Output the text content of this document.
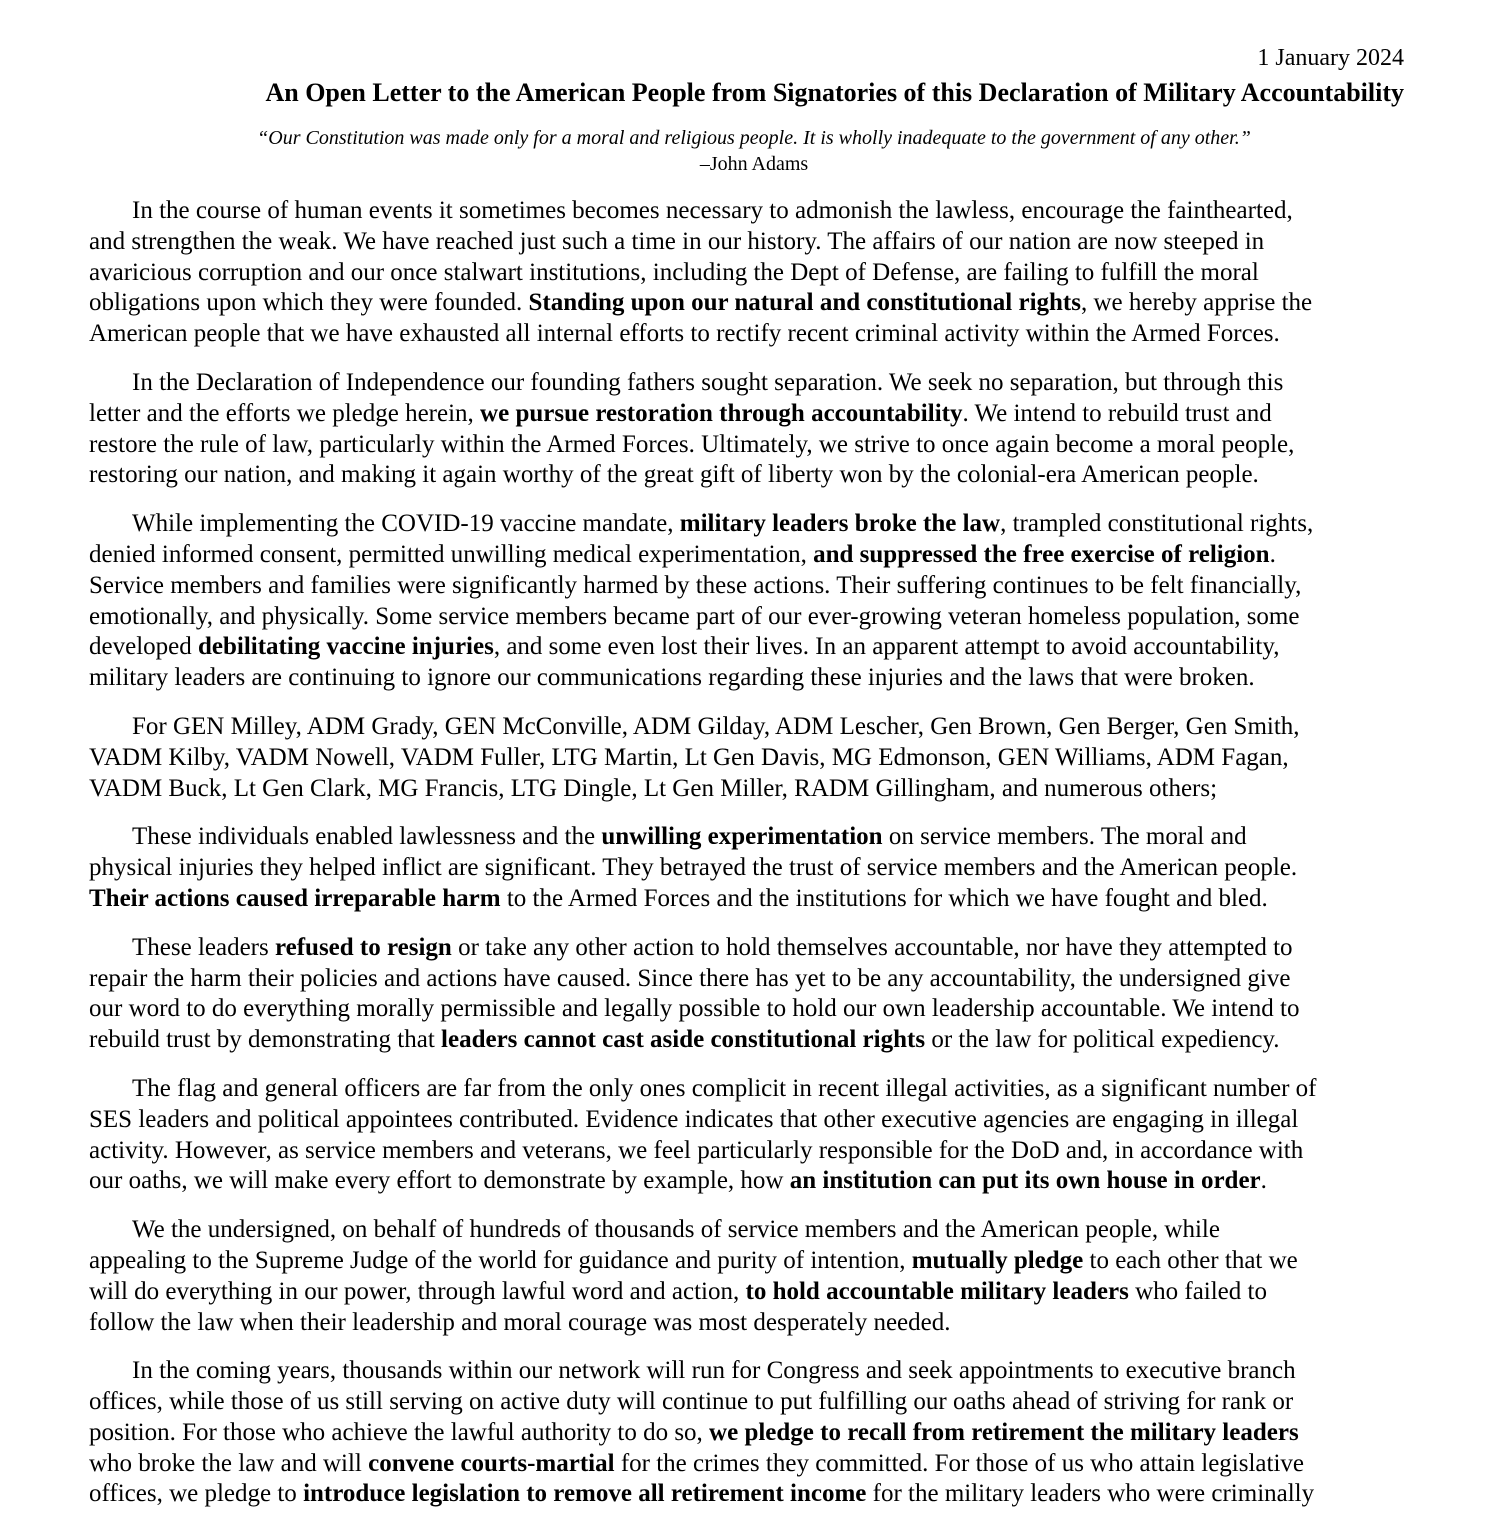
1 January 2024
An Open Letter to the American People from Signatories of this Declaration of Military Accountability
“Our Constitution was made only for a moral and religious people. It is wholly inadequate to the government of any other.”
–John Adams

In the course of human events it sometimes becomes necessary to admonish the lawless, encourage the fainthearted,
and strengthen the weak. We have reached just such a time in our history. The affairs of our nation are now steeped in
avaricious corruption and our once stalwart institutions, including the Dept of Defense, are failing to fulfill the moral
obligations upon which they were founded. Standing upon our natural and constitutional rights, we hereby apprise the
American people that we have exhausted all internal efforts to rectify recent criminal activity within the Armed Forces.

In the Declaration of Independence our founding fathers sought separation. We seek no separation, but through this
letter and the efforts we pledge herein, we pursue restoration through accountability. We intend to rebuild trust and
restore the rule of law, particularly within the Armed Forces. Ultimately, we strive to once again become a moral people,
restoring our nation, and making it again worthy of the great gift of liberty won by the colonial-era American people.

While implementing the COVID-19 vaccine mandate, military leaders broke the law, trampled constitutional rights,
denied informed consent, permitted unwilling medical experimentation, and suppressed the free exercise of religion.
Service members and families were significantly harmed by these actions. Their suffering continues to be felt financially,
emotionally, and physically. Some service members became part of our ever-growing veteran homeless population, some
developed debilitating vaccine injuries, and some even lost their lives. In an apparent attempt to avoid accountability,
military leaders are continuing to ignore our communications regarding these injuries and the laws that were broken.

For GEN Milley, ADM Grady, GEN McConville, ADM Gilday, ADM Lescher, Gen Brown, Gen Berger, Gen Smith,
VADM Kilby, VADM Nowell, VADM Fuller, LTG Martin, Lt Gen Davis, MG Edmonson, GEN Williams, ADM Fagan,
VADM Buck, Lt Gen Clark, MG Francis, LTG Dingle, Lt Gen Miller, RADM Gillingham, and numerous others;

These individuals enabled lawlessness and the unwilling experimentation on service members. The moral and
physical injuries they helped inflict are significant. They betrayed the trust of service members and the American people.
Their actions caused irreparable harm to the Armed Forces and the institutions for which we have fought and bled.

These leaders refused to resign or take any other action to hold themselves accountable, nor have they attempted to
repair the harm their policies and actions have caused. Since there has yet to be any accountability, the undersigned give
our word to do everything morally permissible and legally possible to hold our own leadership accountable. We intend to
rebuild trust by demonstrating that leaders cannot cast aside constitutional rights or the law for political expediency.

The flag and general officers are far from the only ones complicit in recent illegal activities, as a significant number of
SES leaders and political appointees contributed. Evidence indicates that other executive agencies are engaging in illegal
activity. However, as service members and veterans, we feel particularly responsible for the DoD and, in accordance with
our oaths, we will make every effort to demonstrate by example, how an institution can put its own house in order.

We the undersigned, on behalf of hundreds of thousands of service members and the American people, while
appealing to the Supreme Judge of the world for guidance and purity of intention, mutually pledge to each other that we
will do everything in our power, through lawful word and action, to hold accountable military leaders who failed to
follow the law when their leadership and moral courage was most desperately needed.

In the coming years, thousands within our network will run for Congress and seek appointments to executive branch
offices, while those of us still serving on active duty will continue to put fulfilling our oaths ahead of striving for rank or
position. For those who achieve the lawful authority to do so, we pledge to recall from retirement the military leaders
who broke the law and will convene courts-martial for the crimes they committed. For those of us who attain legislative
offices, we pledge to introduce legislation to remove all retirement income for the military leaders who were criminally
